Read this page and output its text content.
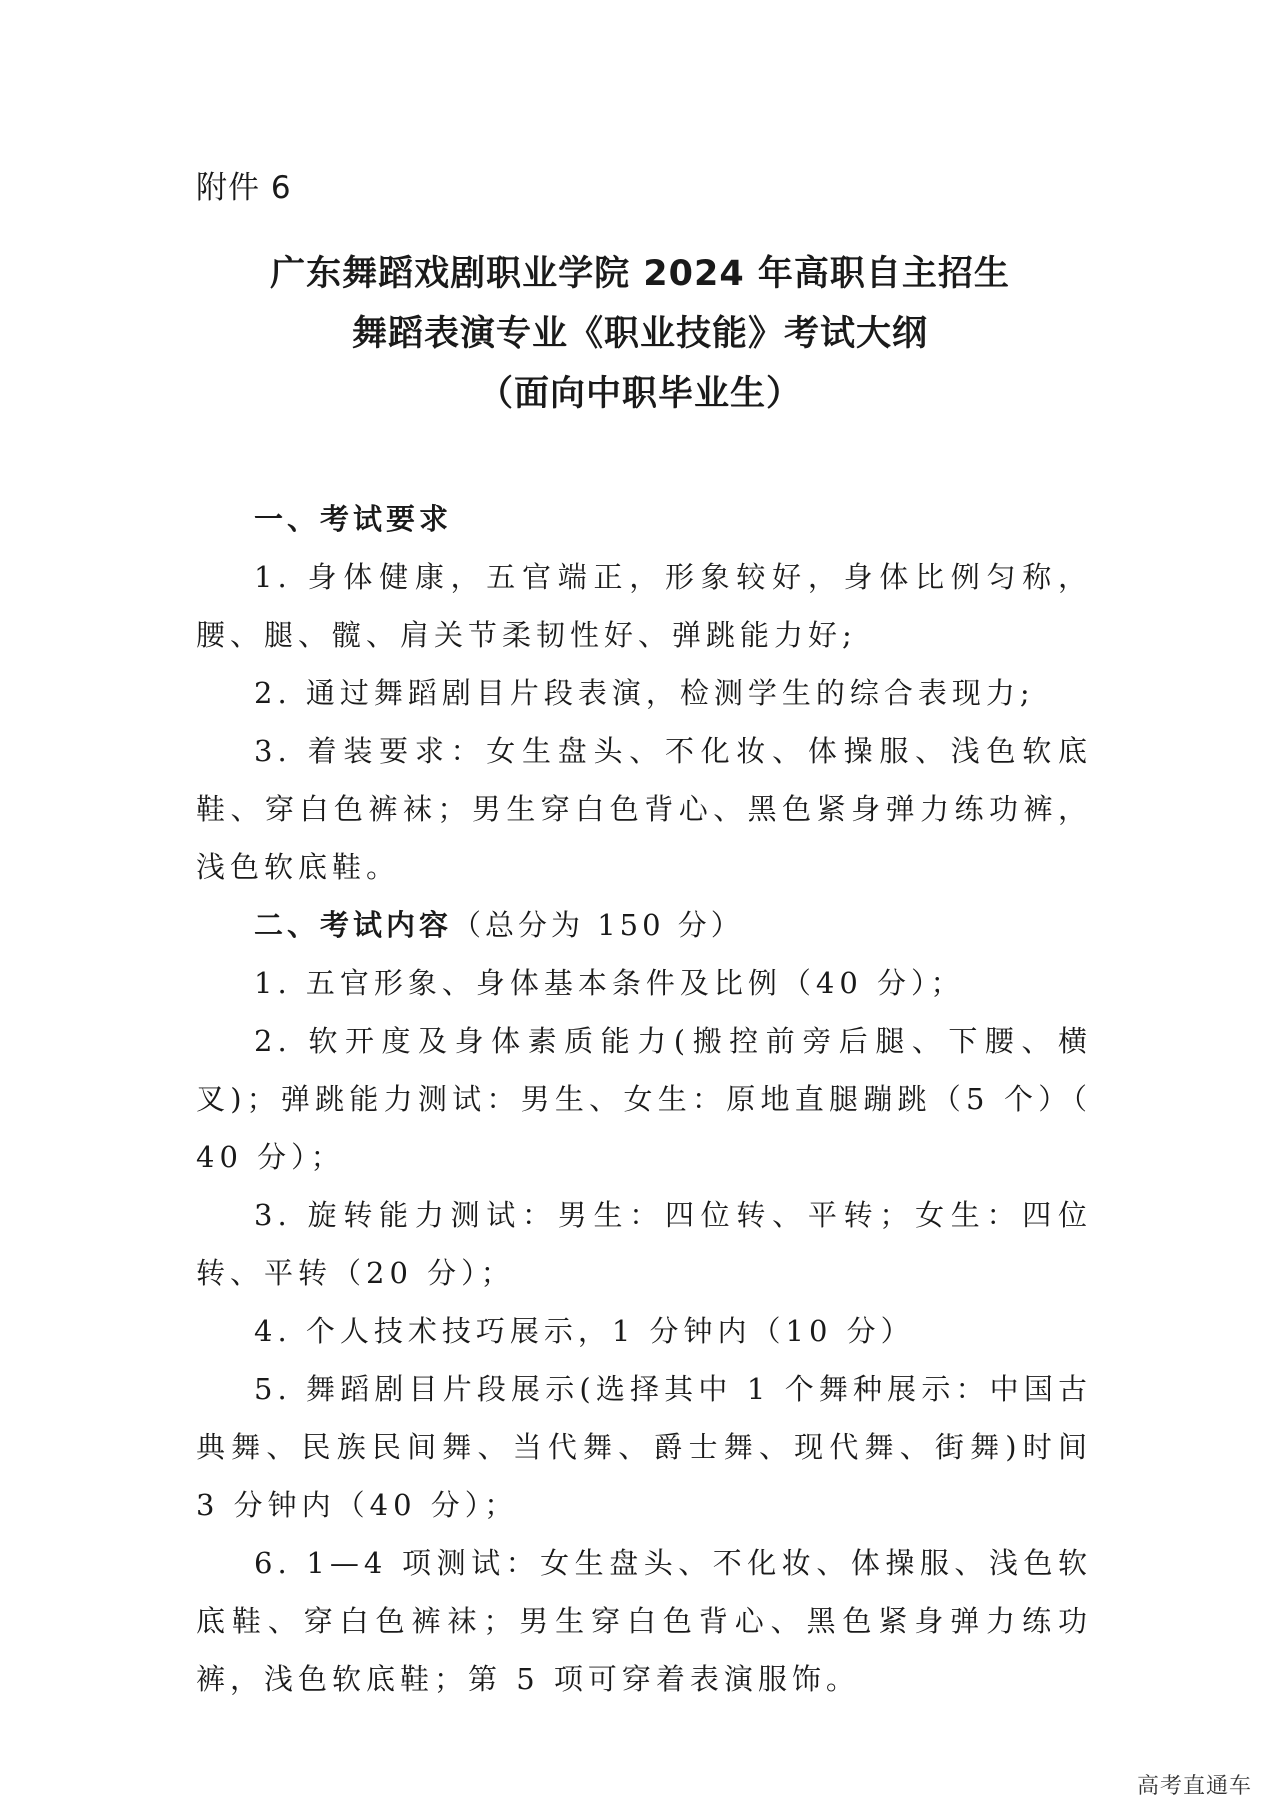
附件 6
广东舞蹈戏剧职业学院 2024 年高职自主招生
舞蹈表演专业《职业技能》考试大纲
（面向中职毕业生）

一、考试要求

1. 身体健康，五官端正，形象较好，身体比例匀称，腰、腿、髋、肩关节柔韧性好、弹跳能力好;

2. 通过舞蹈剧目片段表演，检测学生的综合表现力;

3. 着装要求：女生盘头、不化妆、体操服、浅色软底鞋、穿白色裤袜；男生穿白色背心、黑色紧身弹力练功裤，浅色软底鞋。

二、考试内容（总分为 150 分）

1. 五官形象、身体基本条件及比例（40 分）；

2. 软开度及身体素质能力(搬控前旁后腿、下腰、横叉)；弹跳能力测试：男生、女生：原地直腿蹦跳（5 个）（ 40 分）；

3. 旋转能力测试：男生：四位转、平转；女生：四位转、平转（20 分）；

4. 个人技术技巧展示，1 分钟内（10 分）

5. 舞蹈剧目片段展示(选择其中 1 个舞种展示：中国古典舞、民族民间舞、当代舞、爵士舞、现代舞、街舞)时间 3 分钟内（40 分）；

6. 1—4 项测试：女生盘头、不化妆、体操服、浅色软底鞋、穿白色裤袜；男生穿白色背心、黑色紧身弹力练功裤，浅色软底鞋；第 5 项可穿着表演服饰。

高考直通车
